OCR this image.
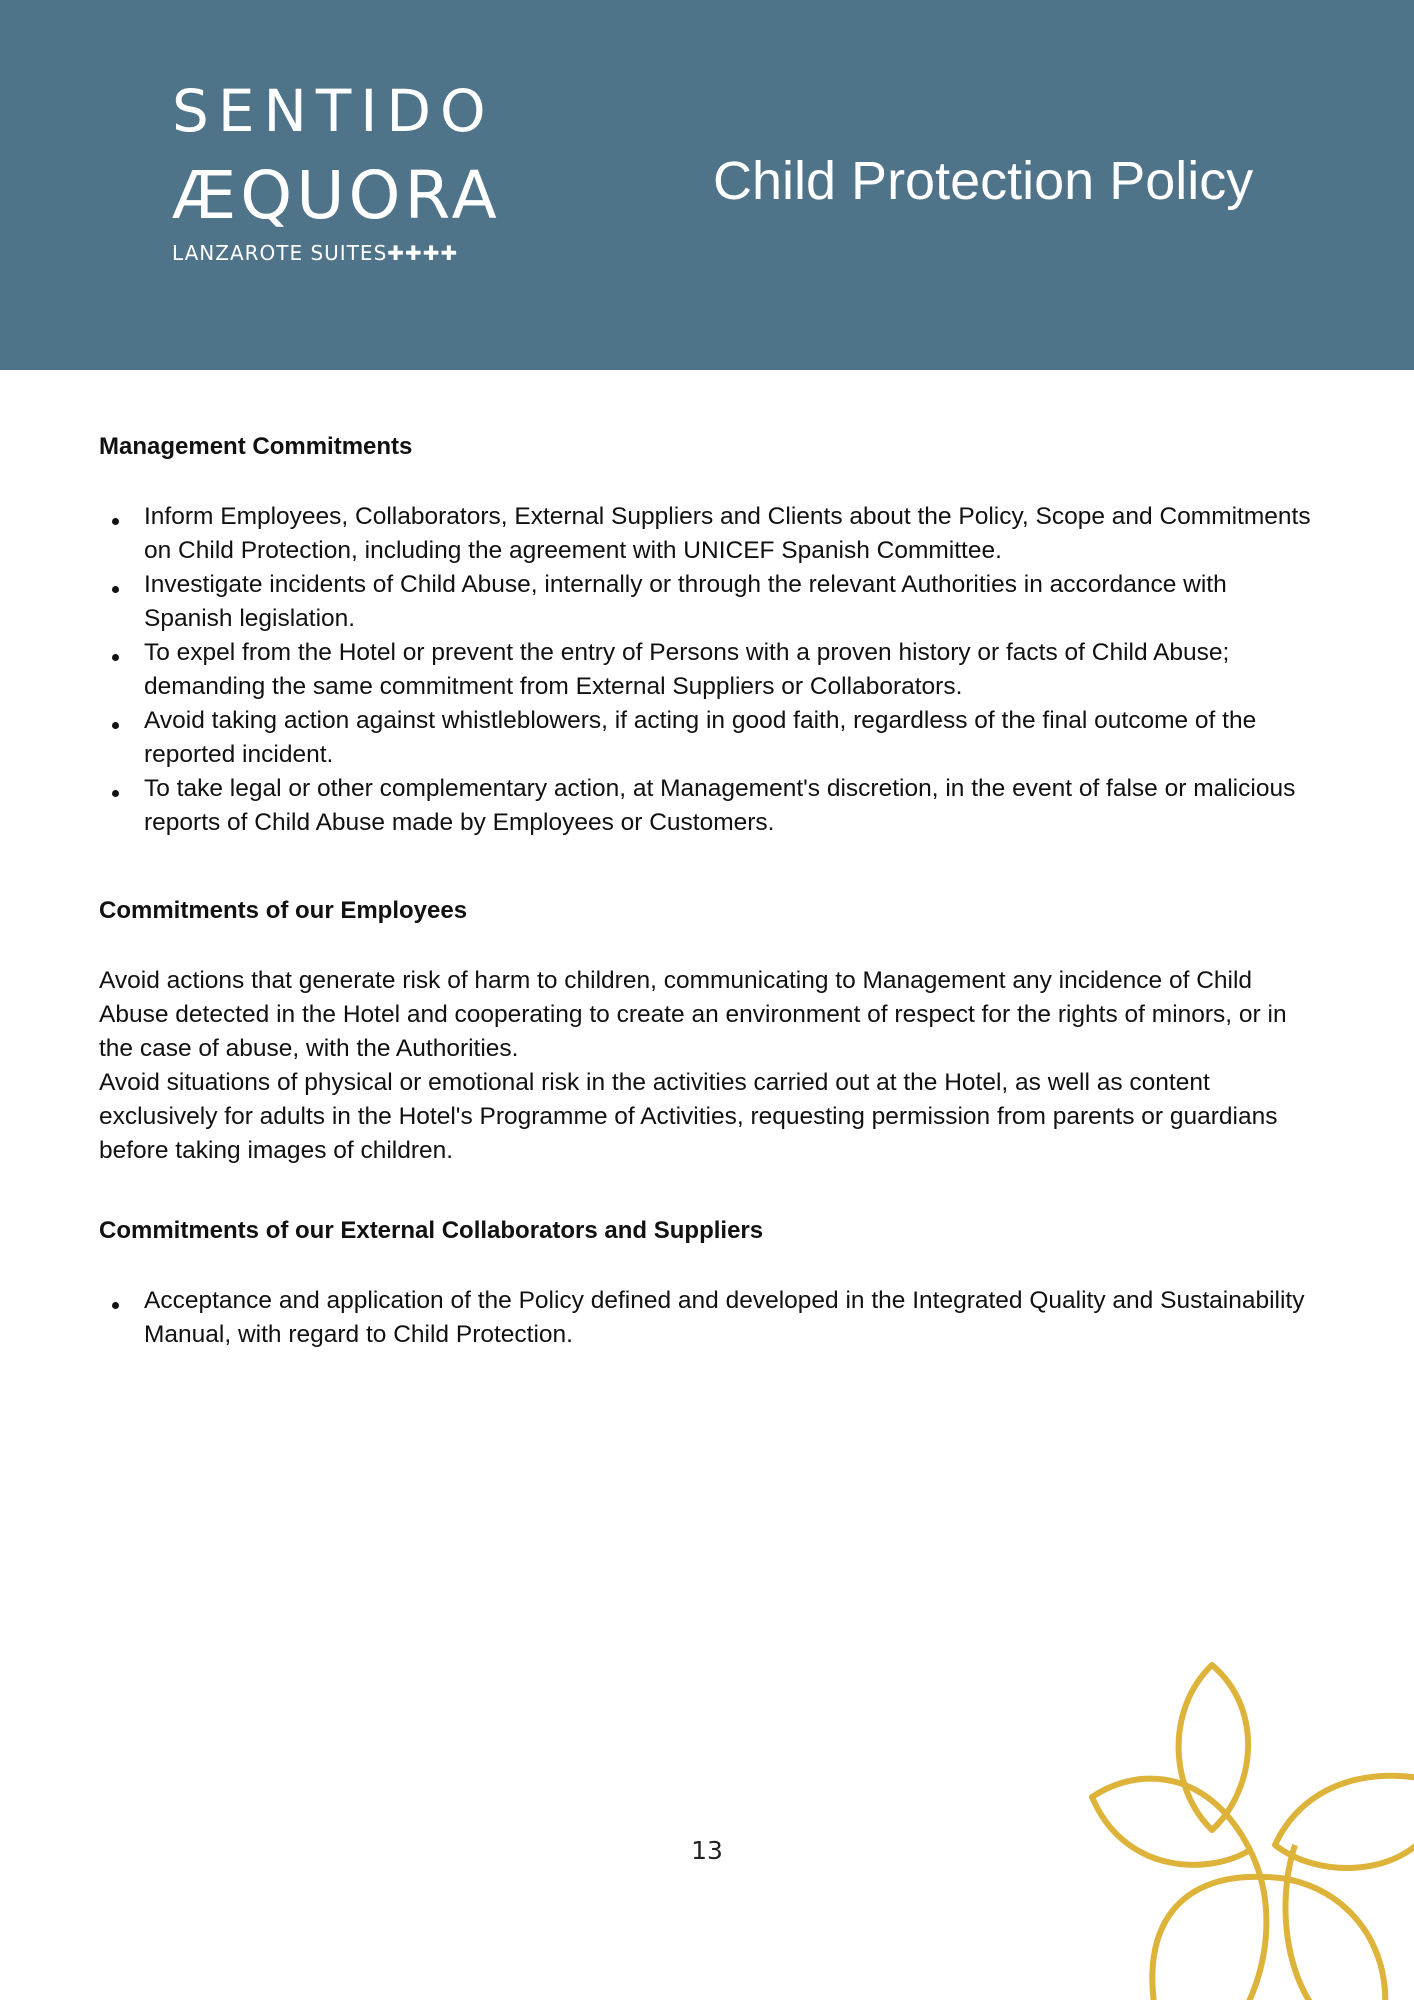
SENTIDO
ÆQUORA
LANZAROTE SUITES✚✚✚✚
Child Protection Policy
Management Commitments
Inform Employees, Collaborators, External Suppliers and Clients about the Policy, Scope and Commitments on Child Protection, including the agreement with UNICEF Spanish Committee.
Investigate incidents of Child Abuse, internally or through the relevant Authorities in accordance with Spanish legislation.
To expel from the Hotel or prevent the entry of Persons with a proven history or facts of Child Abuse; demanding the same commitment from External Suppliers or Collaborators.
Avoid taking action against whistleblowers, if acting in good faith, regardless of the final outcome of the reported incident.
To take legal or other complementary action, at Management's discretion, in the event of false or malicious reports of Child Abuse made by Employees or Customers.
Commitments of our Employees

Avoid actions that generate risk of harm to children, communicating to Management any incidence of Child Abuse detected in the Hotel and cooperating to create an environment of respect for the rights of minors, or in the case of abuse, with the Authorities.

Avoid situations of physical or emotional risk in the activities carried out at the Hotel, as well as content exclusively for adults in the Hotel's Programme of Activities, requesting permission from parents or guardians before taking images of children.

Commitments of our External Collaborators and Suppliers
Acceptance and application of the Policy defined and developed in the Integrated Quality and Sustainability Manual, with regard to Child Protection.
13
